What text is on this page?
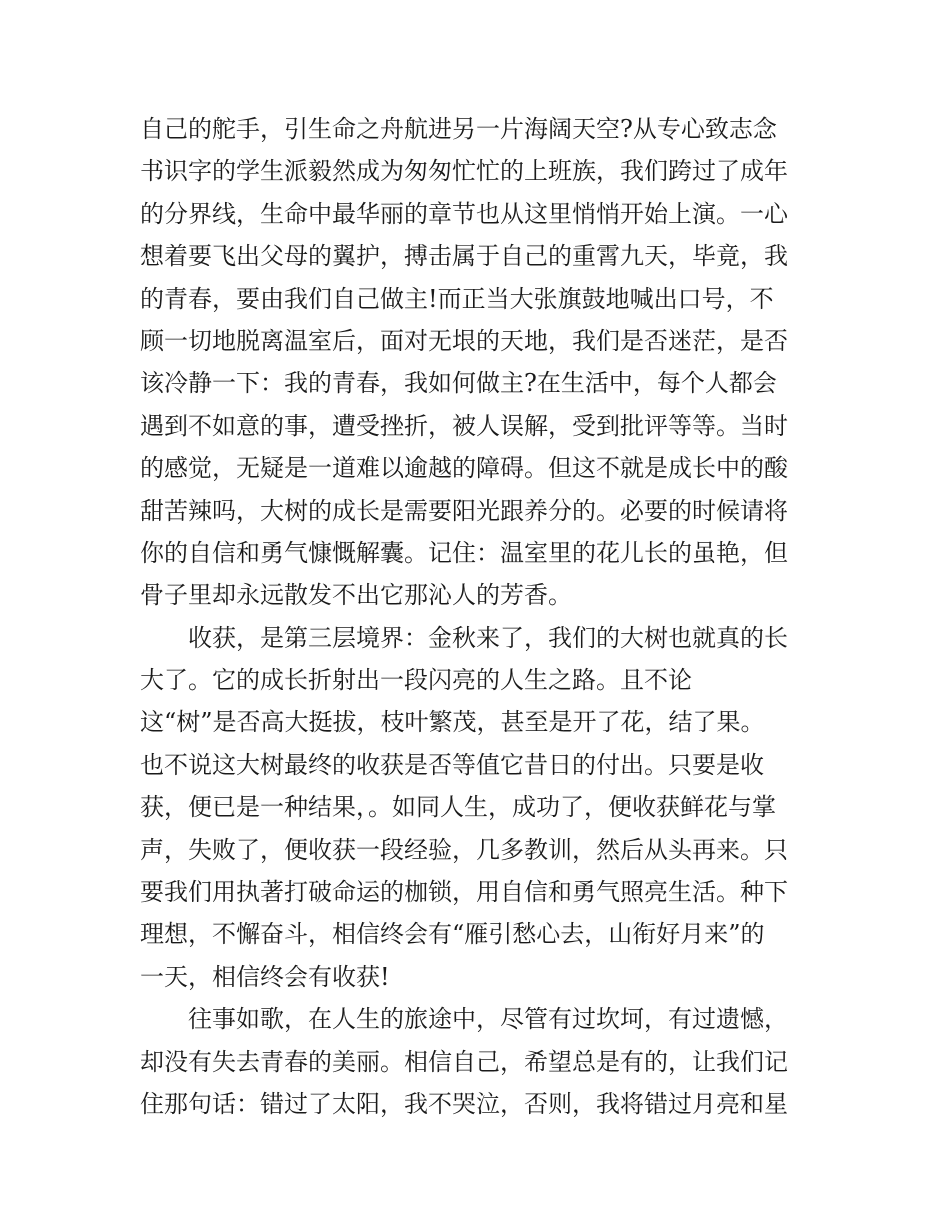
自己的舵手，引生命之舟航进另一片海阔天空?从专心致志念
书识字的学生派毅然成为匆匆忙忙的上班族，我们跨过了成年
的分界线，生命中最华丽的章节也从这里悄悄开始上演。一心
想着要飞出父母的翼护，搏击属于自己的重霄九天，毕竟，我
的青春，要由我们自己做主!而正当大张旗鼓地喊出口号，不
顾一切地脱离温室后，面对无垠的天地，我们是否迷茫，是否
该冷静一下：我的青春，我如何做主?在生活中，每个人都会
遇到不如意的事，遭受挫折，被人误解，受到批评等等。当时
的感觉，无疑是一道难以逾越的障碍。但这不就是成长中的酸
甜苦辣吗，大树的成长是需要阳光跟养分的。必要的时候请将
你的自信和勇气慷慨解囊。记住：温室里的花儿长的虽艳，但
骨子里却永远散发不出它那沁人的芳香。
收获，是第三层境界：金秋来了，我们的大树也就真的长
大了。它的成长折射出一段闪亮的人生之路。且不论
这“树”是否高大挺拔，枝叶繁茂，甚至是开了花，结了果。
也不说这大树最终的收获是否等值它昔日的付出。只要是收
获，便已是一种结果，。如同人生，成功了，便收获鲜花与掌
声，失败了，便收获一段经验，几多教训，然后从头再来。只
要我们用执著打破命运的枷锁，用自信和勇气照亮生活。种下
理想，不懈奋斗，相信终会有“雁引愁心去，山衔好月来”的
一天，相信终会有收获!
往事如歌，在人生的旅途中，尽管有过坎坷，有过遗憾，
却没有失去青春的美丽。相信自己，希望总是有的，让我们记
住那句话：错过了太阳，我不哭泣，否则，我将错过月亮和星
